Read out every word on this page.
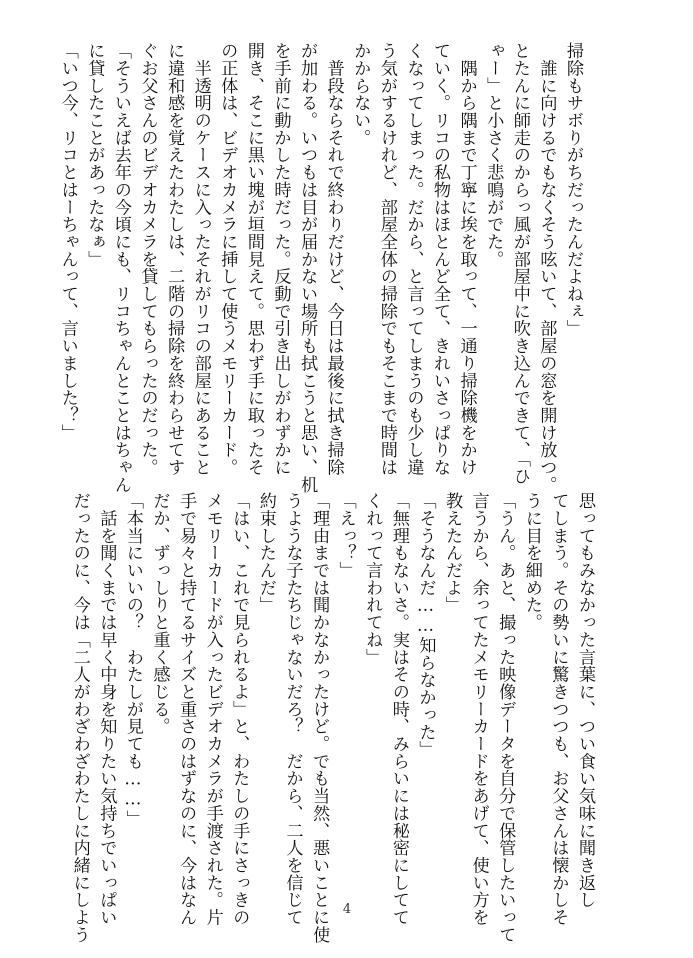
掃除もサボりがちだったんだよねぇ」
　誰に向けるでもなくそう呟いて、部屋の窓を開け放つ。
とたんに師走のからっ風が部屋中に吹き込んできて、「ひ
ゃー」と小さく悲鳴がでた。
　隅から隅まで丁寧に埃を取って、一通り掃除機をかけ
ていく。リコの私物はほとんど全て、きれいさっぱりな
くなってしまった。だから、と言ってしまうのも少し違
う気がするけれど、部屋全体の掃除でもそこまで時間は
かからない。
　普段ならそれで終わりだけど、今日は最後に拭き掃除
が加わる。いつもは目が届かない場所も拭こうと思い、机
を手前に動かした時だった。反動で引き出しがわずかに
開き、そこに黒い塊が垣間見えて。思わず手に取ったそ
の正体は、ビデオカメラに挿して使うメモリーカード。
　半透明のケースに入ったそれがリコの部屋にあること
に違和感を覚えたわたしは、二階の掃除を終わらせてす
ぐお父さんのビデオカメラを貸してもらったのだった。
「そういえば去年の今頃にも、リコちゃんとことはちゃん
に貸したことがあったなぁ」
「いつ今、リコとはーちゃんって、言いました？」
思ってもみなかった言葉に、つい食い気味に聞き返し
てしまう。その勢いに驚きつつも、お父さんは懐かしそ
うに目を細めた。
「うん。あと、撮った映像データを自分で保管したいって
言うから、余ってたメモリーカードをあげて、使い方を
教えたんだよ」
「そうなんだ……知らなかった」
「無理もないさ。実はその時、みらいには秘密にしてて
くれって言われてね」
「えっ？」
「理由までは聞かなかったけど。でも当然、悪いことに使
うような子たちじゃないだろ？　だから、二人を信じて
約束したんだ」
「はい、これで見られるよ」と、わたしの手にさっきの
メモリーカードが入ったビデオカメラが手渡された。片
手で易々と持てるサイズと重さのはずなのに、今はなん
だか、ずっしりと重く感じる。
「本当にいいの？　わたしが見ても……」
　話を聞くまでは早く中身を知りたい気持ちでいっぱい
だったのに、今は「二人がわざわざわたしに内緒にしよう	4
